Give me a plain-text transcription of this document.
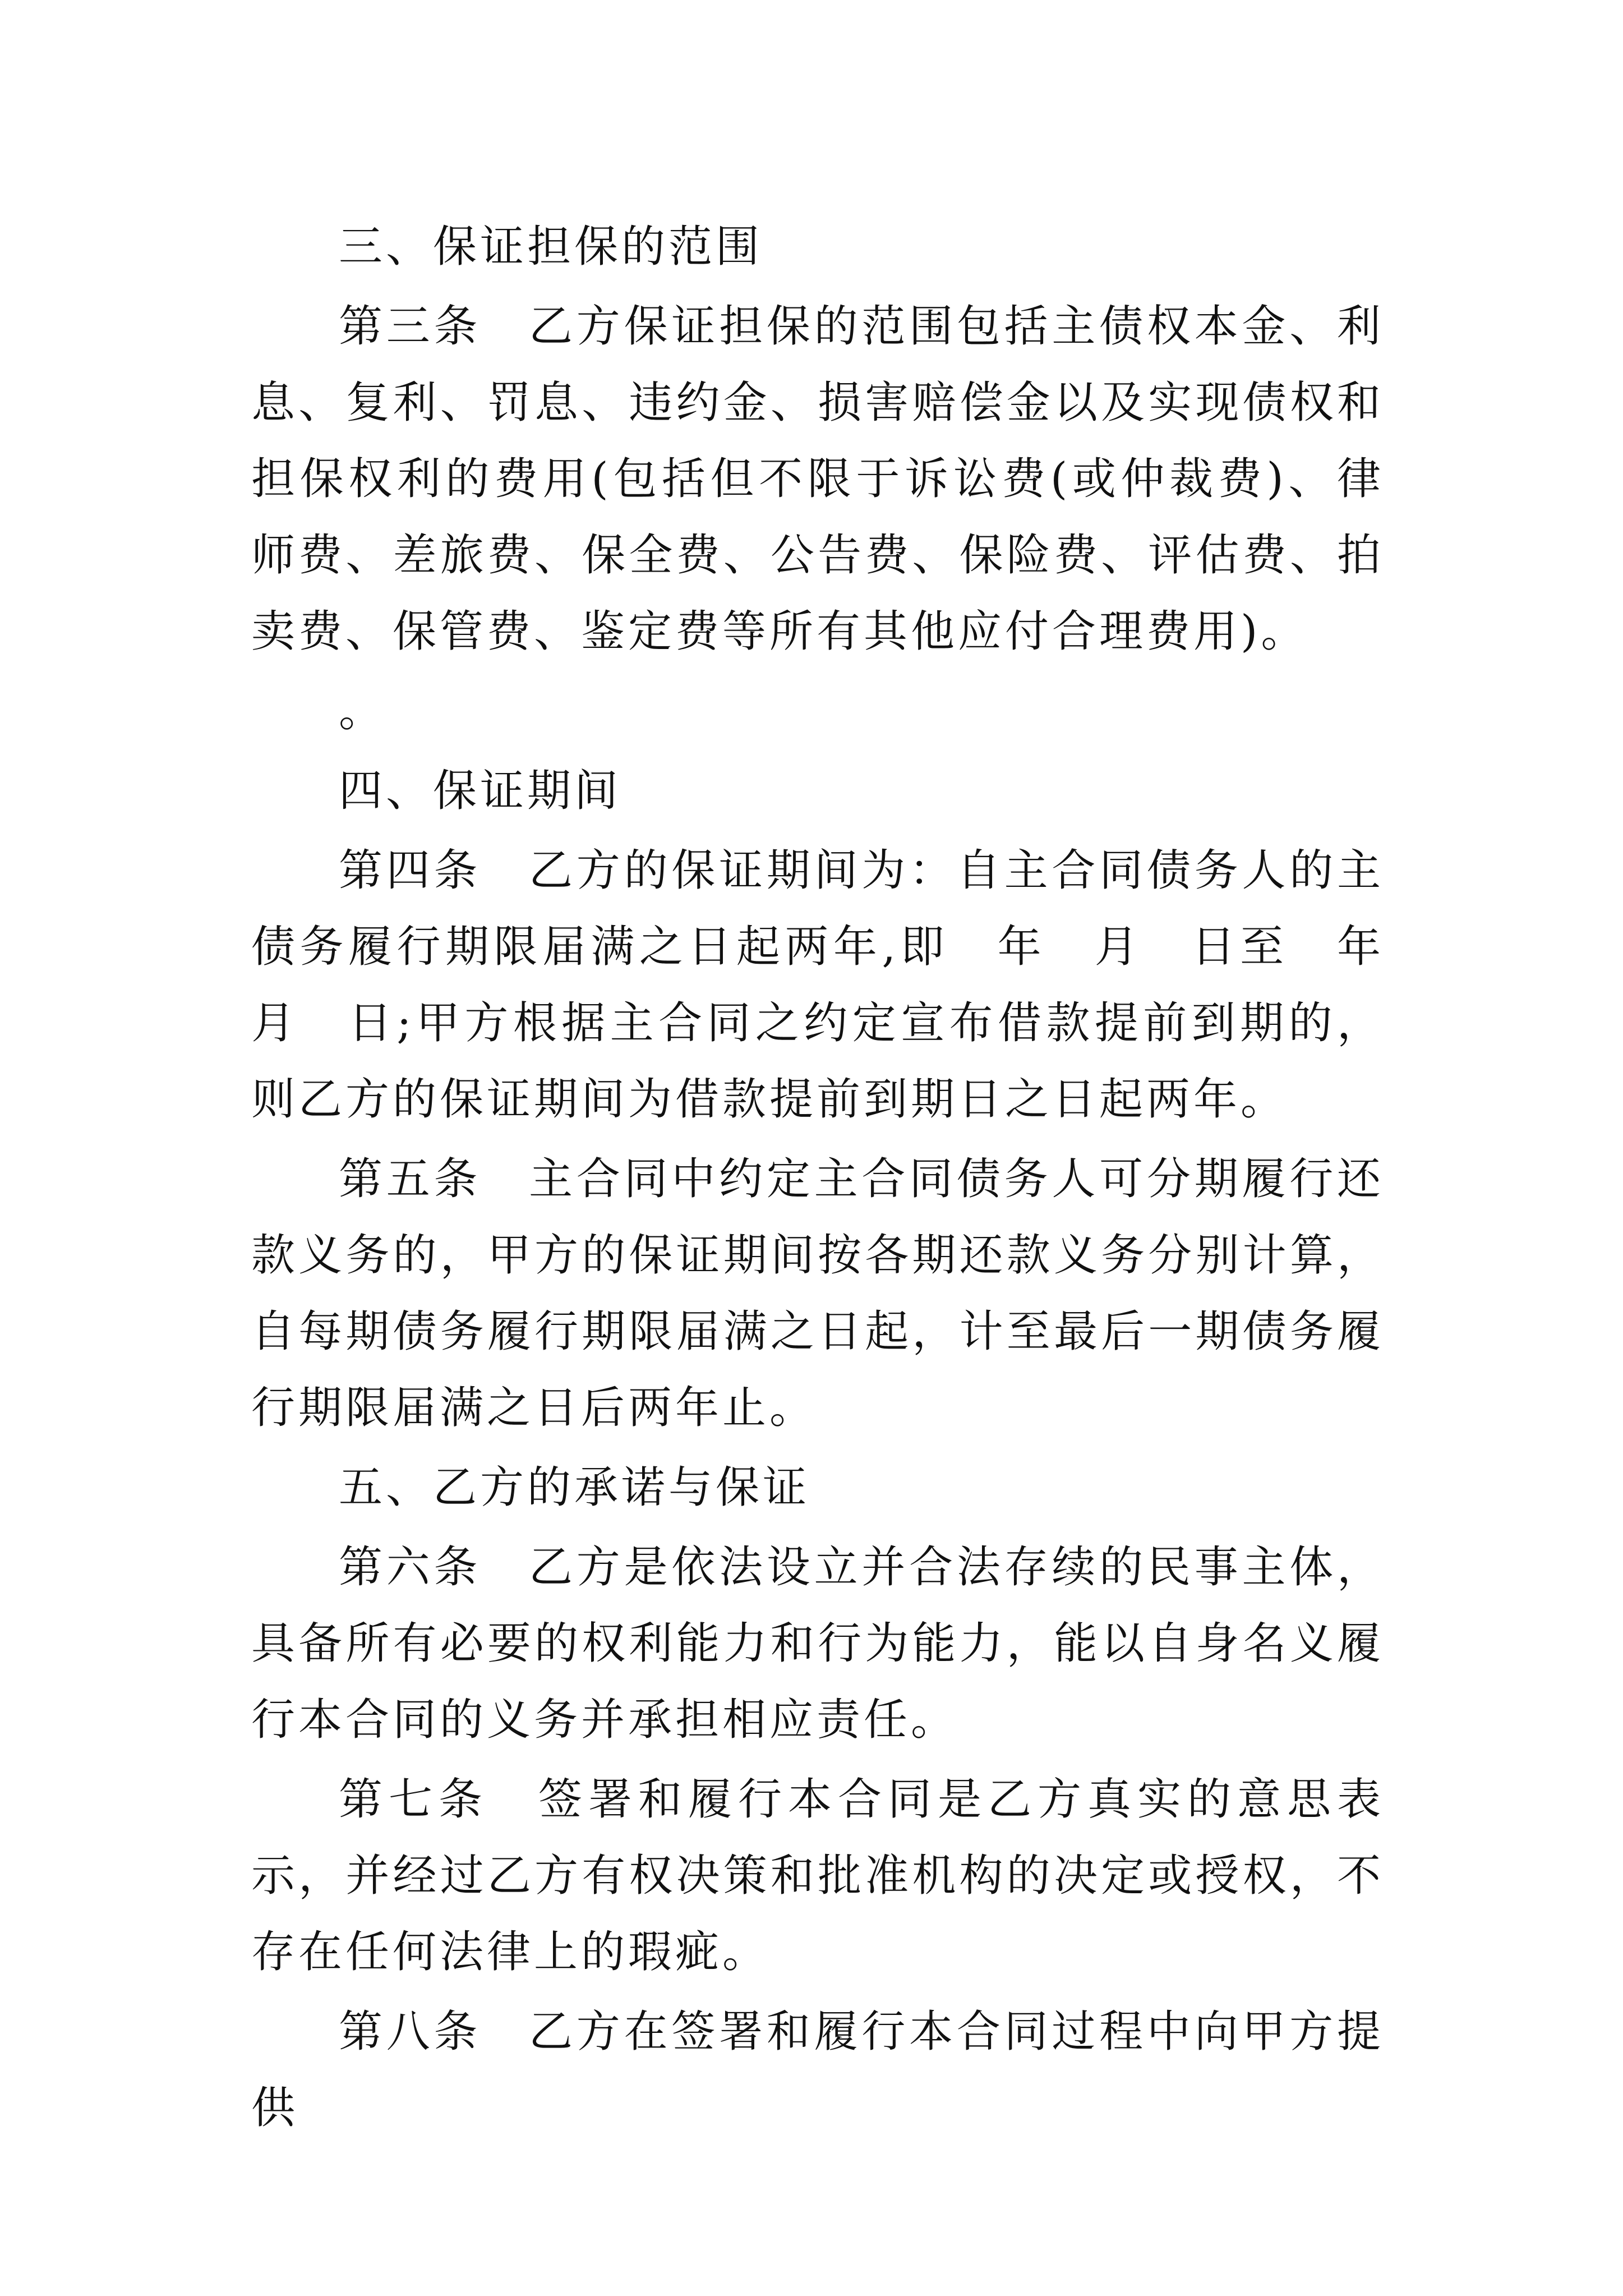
三、保证担保的范围

第三条　乙方保证担保的范围包括主债权本金、利息、复利、罚息、违约金、损害赔偿金以及实现债权和担保权利的费用(包括但不限于诉讼费(或仲裁费)、律师费、差旅费、保全费、公告费、保险费、评估费、拍卖费、保管费、鉴定费等所有其他应付合理费用)。

。

四、保证期间

第四条　乙方的保证期间为：自主合同债务人的主债务履行期限届满之日起两年,即　年　月　日至　年　月　日;甲方根据主合同之约定宣布借款提前到期的，则乙方的保证期间为借款提前到期日之日起两年。

第五条　主合同中约定主合同债务人可分期履行还款义务的，甲方的保证期间按各期还款义务分别计算，自每期债务履行期限届满之日起，计至最后一期债务履行期限届满之日后两年止。

五、乙方的承诺与保证

第六条　乙方是依法设立并合法存续的民事主体，具备所有必要的权利能力和行为能力，能以自身名义履行本合同的义务并承担相应责任。

第七条　签署和履行本合同是乙方真实的意思表示，并经过乙方有权决策和批准机构的决定或授权，不存在任何法律上的瑕疵。

第八条　乙方在签署和履行本合同过程中向甲方提供
